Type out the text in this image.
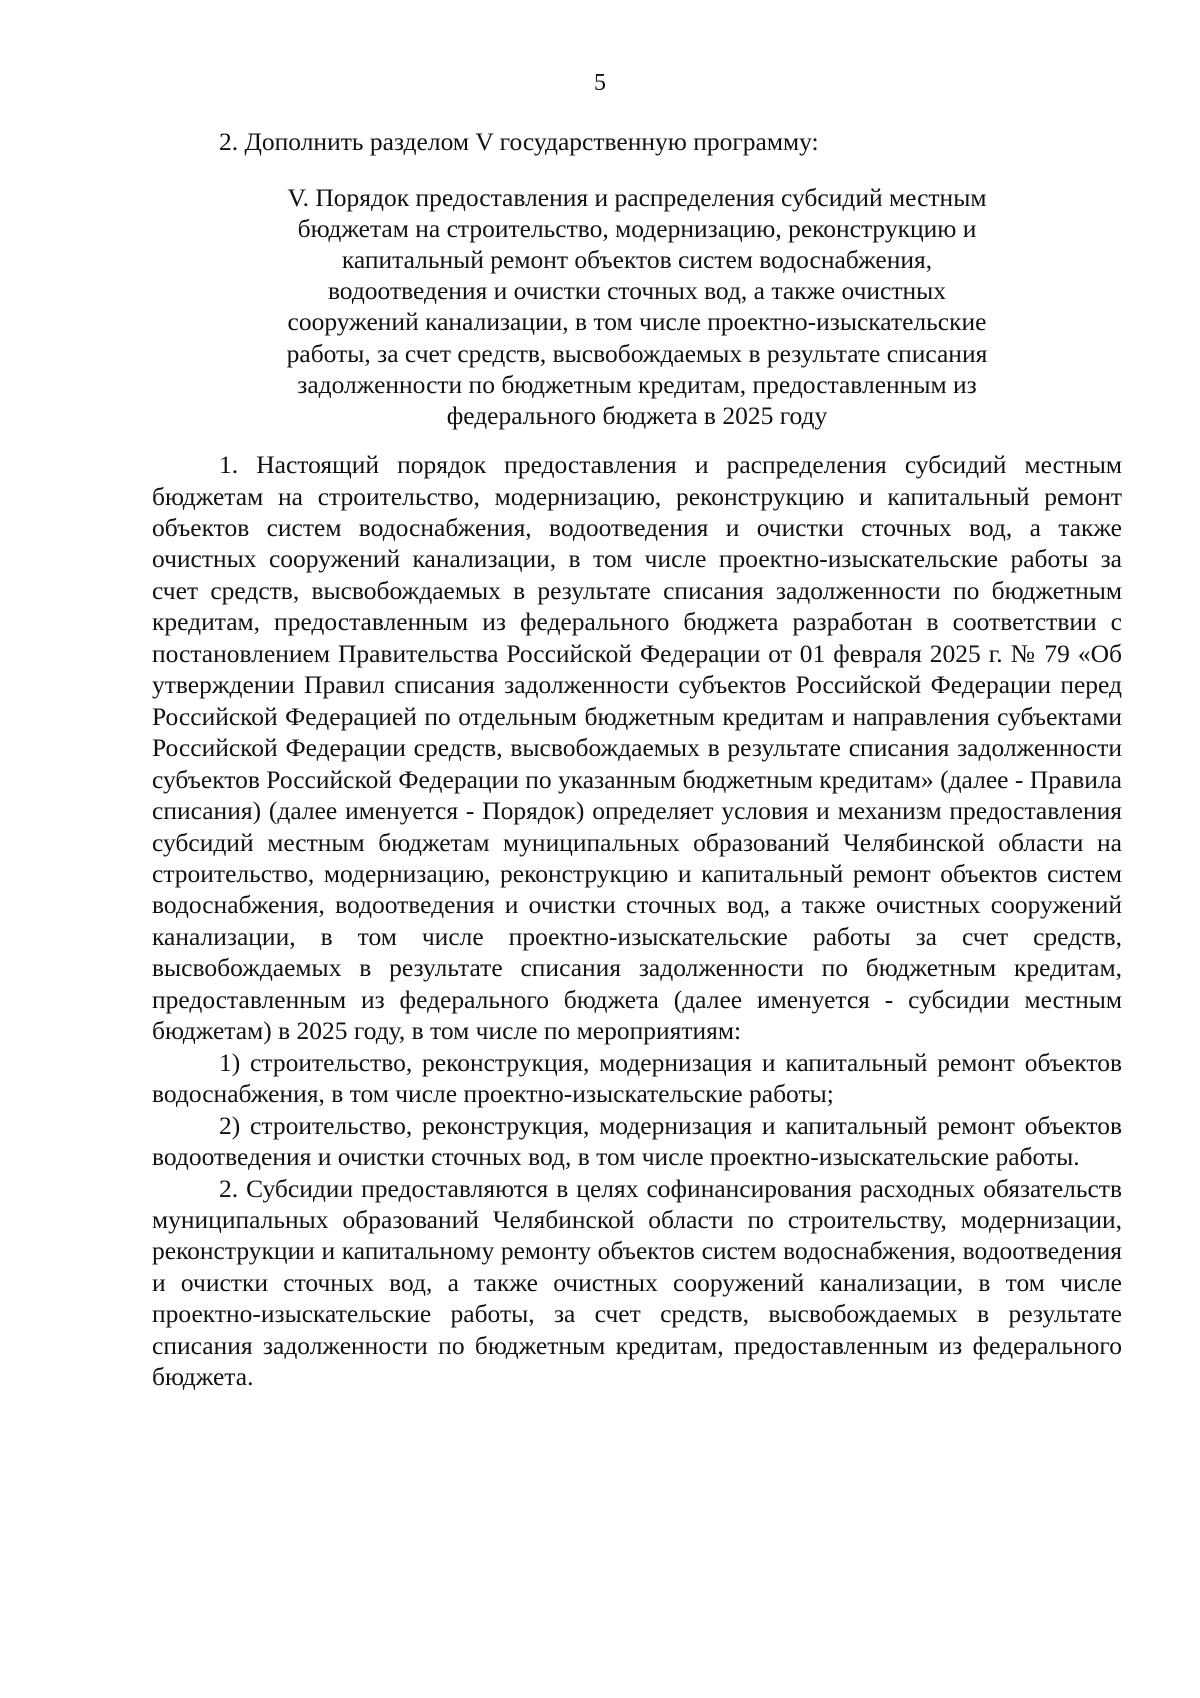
5

2. Дополнить разделом V государственную программу:

V. Порядок предоставления и распределения субсидий местным
бюджетам на строительство, модернизацию, реконструкцию и
капитальный ремонт объектов систем водоснабжения,
водоотведения и очистки сточных вод, а также очистных
сооружений канализации, в том числе проектно-изыскательские
работы, за счет средств, высвобождаемых в результате списания
задолженности по бюджетным кредитам, предоставленным из
федерального бюджета в 2025 году

1. Настоящий порядок предоставления и распределения субсидий местным бюджетам на строительство, модернизацию, реконструкцию и капитальный ремонт объектов систем водоснабжения, водоотведения и очистки сточных вод, а также очистных сооружений канализации, в том числе проектно-изыскательские работы за счет средств, высвобождаемых в результате списания задолженности по бюджетным кредитам, предоставленным из федерального бюджета разработан в соответствии с постановлением Правительства Российской Федерации от 01 февраля 2025 г. № 79 «Об утверждении Правил списания задолженности субъектов Российской Федерации перед Российской Федерацией по отдельным бюджетным кредитам и направления субъектами Российской Федерации средств, высвобождаемых в результате списания задолженности субъектов Российской Федерации по указанным бюджетным кредитам» (далее - Правила списания) (далее именуется - Порядок) определяет условия и механизм предоставления субсидий местным бюджетам муниципальных образований Челябинской области на строительство, модернизацию, реконструкцию и капитальный ремонт объектов систем водоснабжения, водоотведения и очистки сточных вод, а также очистных сооружений канализации, в том числе проектно-изыскательские работы за счет средств, высвобождаемых в результате списания задолженности по бюджетным кредитам, предоставленным из федерального бюджета (далее именуется - субсидии местным бюджетам) в 2025 году, в том числе по мероприятиям:

1) строительство, реконструкция, модернизация и капитальный ремонт объектов водоснабжения, в том числе проектно-изыскательские работы;

2) строительство, реконструкция, модернизация и капитальный ремонт объектов водоотведения и очистки сточных вод, в том числе проектно-изыскательские работы.

2. Субсидии предоставляются в целях софинансирования расходных обязательств муниципальных образований Челябинской области по строительству, модернизации, реконструкции и капитальному ремонту объектов систем водоснабжения, водоотведения и очистки сточных вод, а также очистных сооружений канализации, в том числе проектно-изыскательские работы, за счет средств, высвобождаемых в результате списания задолженности по бюджетным кредитам, предоставленным из федерального бюджета.
